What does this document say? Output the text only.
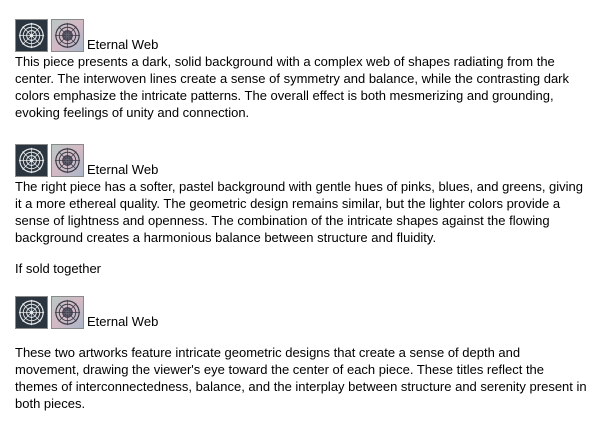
Eternal Web

This piece presents a dark, solid background with a complex web of shapes radiating from the center. The interwoven lines create a sense of symmetry and balance, while the contrasting dark colors emphasize the intricate patterns. The overall effect is both mesmerizing and grounding, evoking feelings of unity and connection.

Eternal Web

The right piece has a softer, pastel background with gentle hues of pinks, blues, and greens, giving it a more ethereal quality. The geometric design remains similar, but the lighter colors provide a sense of lightness and openness. The combination of the intricate shapes against the flowing background creates a harmonious balance between structure and fluidity.

If sold together

Eternal Web

These two artworks feature intricate geometric designs that create a sense of depth and movement, drawing the viewer's eye toward the center of each piece. These titles reflect the themes of interconnectedness, balance, and the interplay between structure and serenity present in both pieces.
